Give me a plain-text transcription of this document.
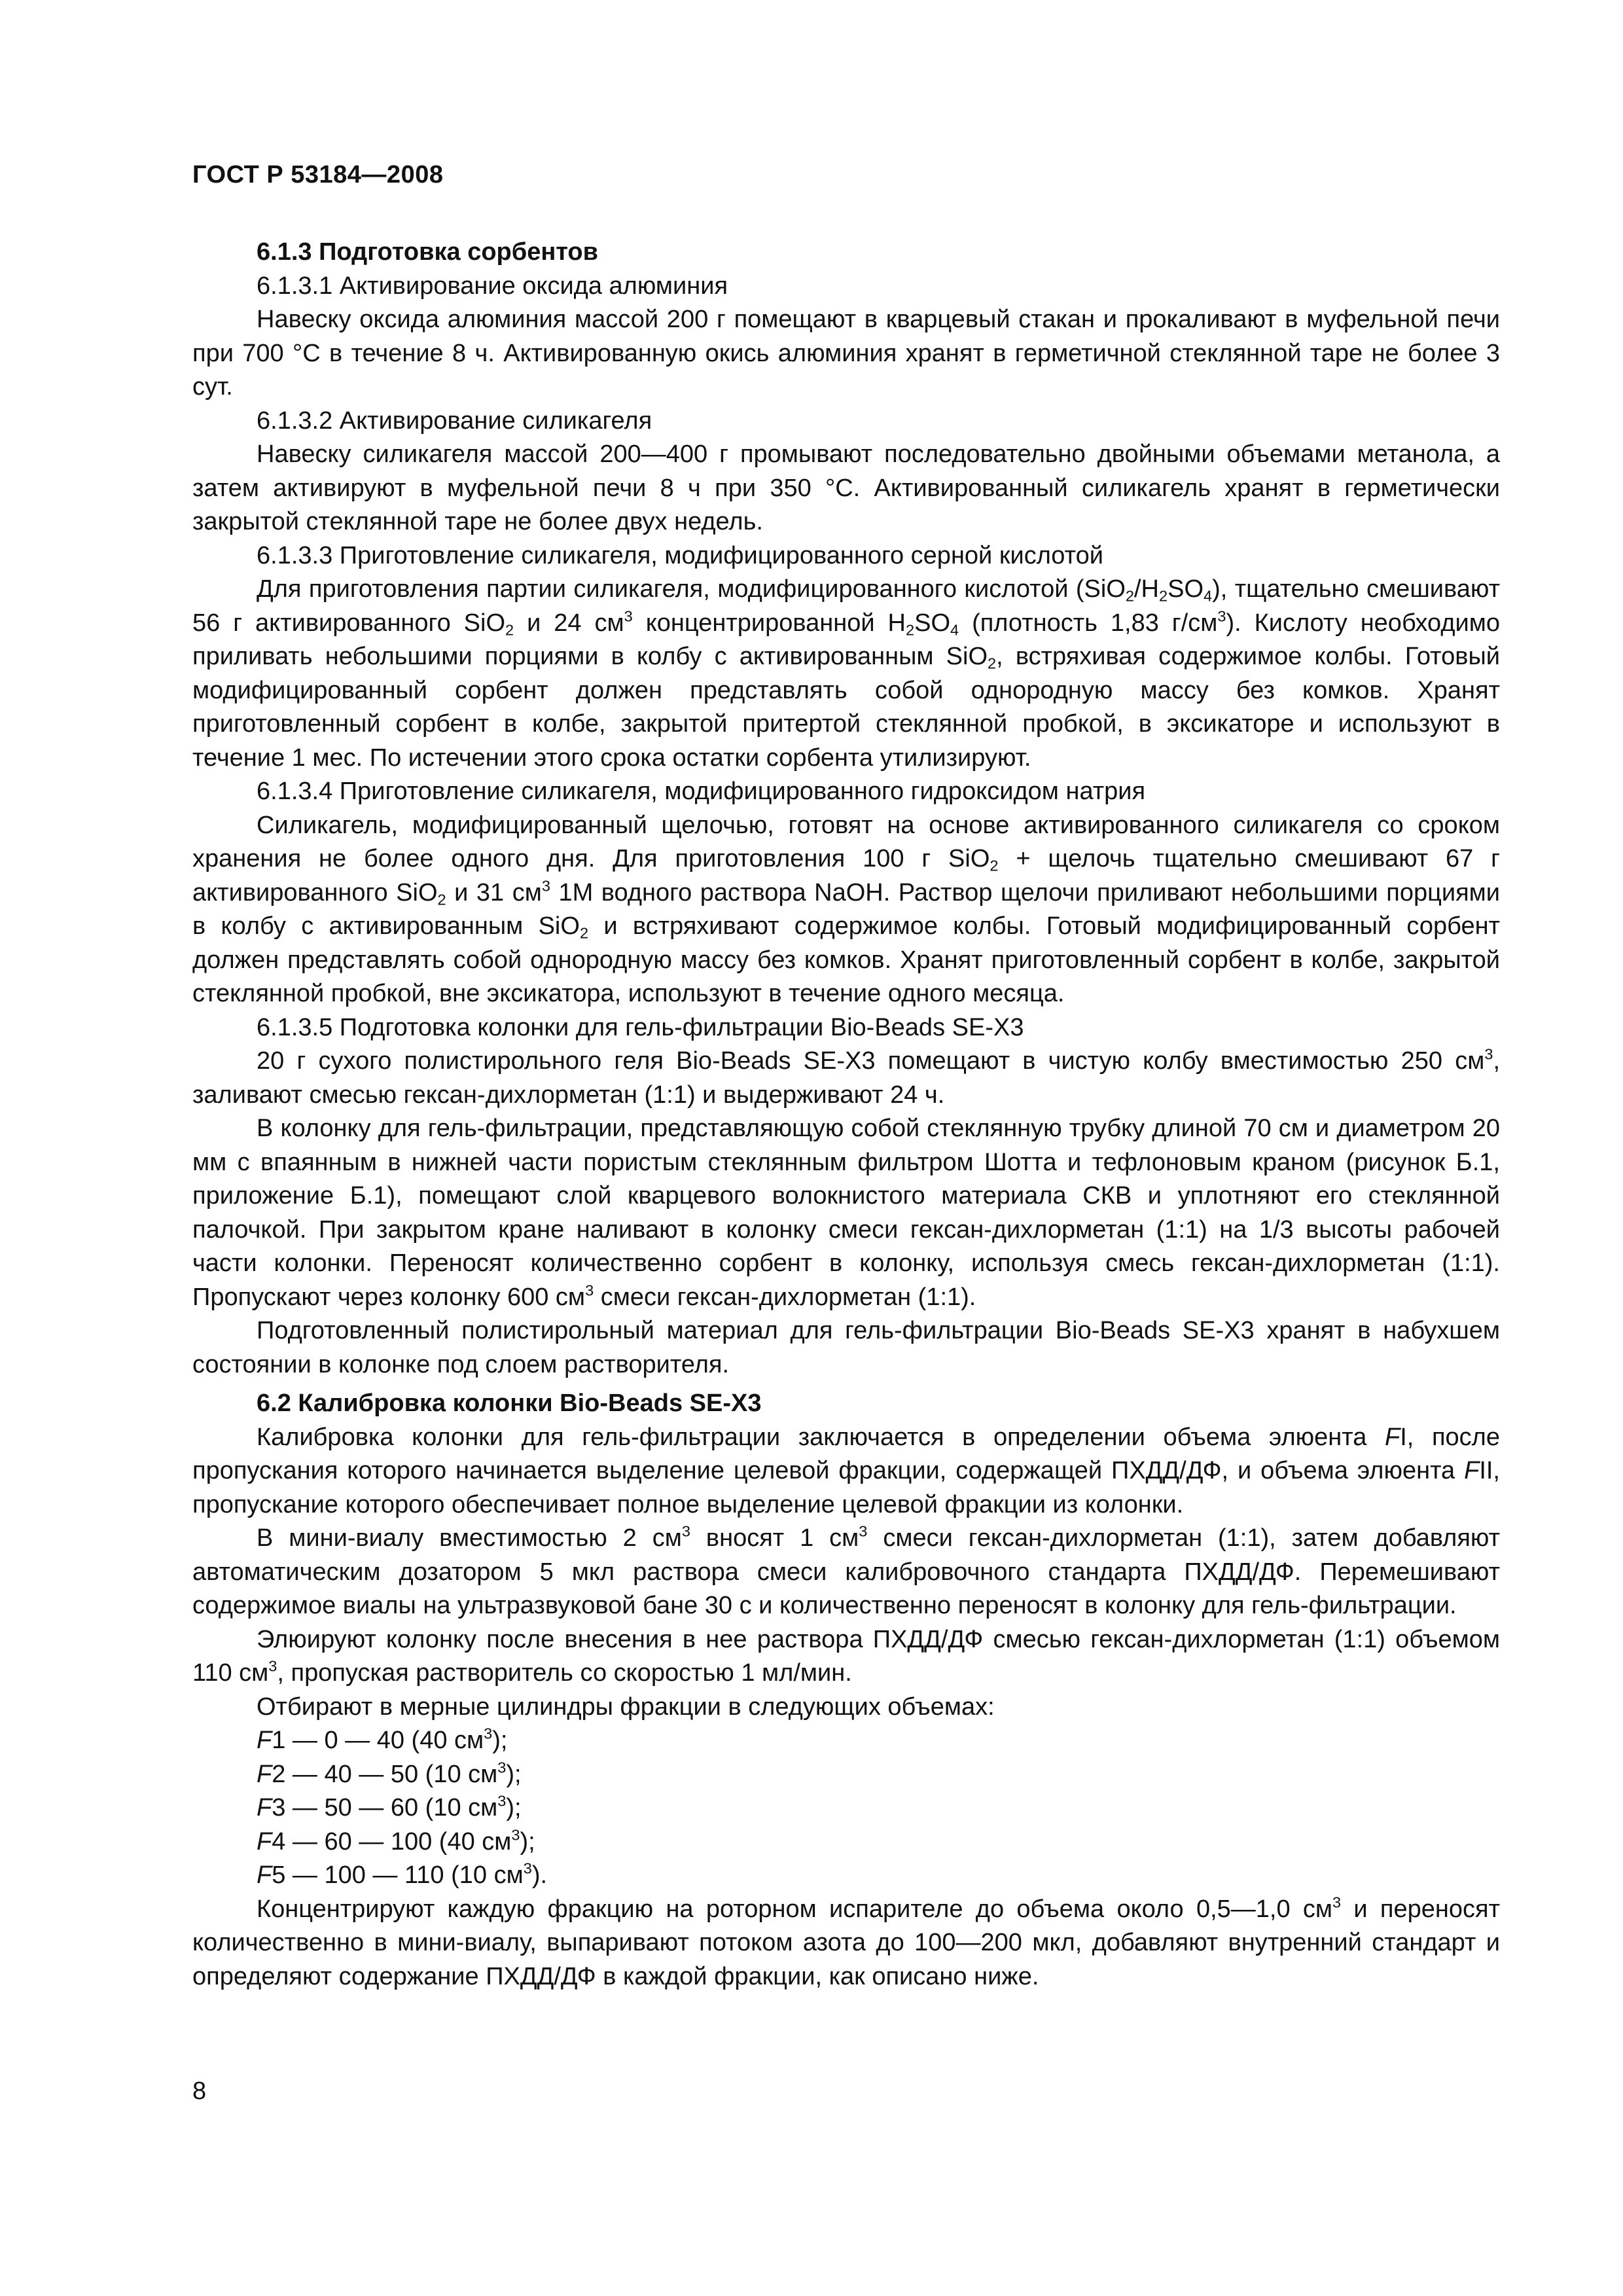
ГОСТ Р 53184—2008

6.1.3 Подготовка сорбентов

6.1.3.1 Активирование оксида алюминия

Навеску оксида алюминия массой 200 г помещают в кварцевый стакан и прокаливают в муфельной печи при 700 °С в течение 8 ч. Активированную окись алюминия хранят в герметичной стеклянной таре не более 3 сут.

6.1.3.2 Активирование силикагеля

Навеску силикагеля массой 200—400 г промывают последовательно двойными объемами метанола, а затем активируют в муфельной печи 8 ч при 350 °С. Активированный силикагель хранят в герметически закрытой стеклянной таре не более двух недель.

6.1.3.3 Приготовление силикагеля, модифицированного серной кислотой

Для приготовления партии силикагеля, модифицированного кислотой $(SiO_2/H_2SO_4)$, тщательно смешивают 56 г активированного SiO$_2$ и 24 $см^3$ концентрированной $H_2SO_4$ (плотность 1,83 $г/см^3$). Кислоту необходимо приливать небольшими порциями в колбу с активированным SiO$_2$, встряхивая содержимое колбы. Готовый модифицированный сорбент должен представлять собой однородную массу без комков. Хранят приготовленный сорбент в колбе, закрытой притертой стеклянной пробкой, в эксикаторе и используют в течение 1 мес. По истечении этого срока остатки сорбента утилизируют.

6.1.3.4 Приготовление силикагеля, модифицированного гидроксидом натрия

Силикагель, модифицированный щелочью, готовят на основе активированного силикагеля со сроком хранения не более одного дня. Для приготовления 100 г SiO$_2$ + щелочь тщательно смешивают 67 г активированного SiO$_2$ и 31 $см^3$ 1М водного раствора NaOH. Раствор щелочи приливают небольшими порциями в колбу с активированным SiO$_2$ и встряхивают содержимое колбы. Готовый модифицированный сорбент должен представлять собой однородную массу без комков. Хранят приготовленный сорбент в колбе, закрытой стеклянной пробкой, вне эксикатора, используют в течение одного месяца.

6.1.3.5 Подготовка колонки для гель-фильтрации Bio-Beads SE-X3

20 г сухого полистирольного геля Bio-Beads SE-X3 помещают в чистую колбу вместимостью 250 $см^3$, заливают смесью гексан-дихлорметан (1:1) и выдерживают 24 ч.

В колонку для гель-фильтрации, представляющую собой стеклянную трубку длиной 70 см и диаметром 20 мм с впаянным в нижней части пористым стеклянным фильтром Шотта и тефлоновым краном (рисунок Б.1, приложение Б.1), помещают слой кварцевого волокнистого материала СКВ и уплотняют его стеклянной палочкой. При закрытом кране наливают в колонку смеси гексан-дихлорметан (1:1) на 1/3 высоты рабочей части колонки. Переносят количественно сорбент в колонку, используя смесь гексан-дихлорметан (1:1). Пропускают через колонку 600 $см^3$ смеси гексан-дихлорметан (1:1).

Подготовленный полистирольный материал для гель-фильтрации Bio-Beads SE-X3 хранят в набухшем состоянии в колонке под слоем растворителя.

6.2 Калибровка колонки Bio-Beads SE-X3

Калибровка колонки для гель-фильтрации заключается в определении объема элюента FI, после пропускания которого начинается выделение целевой фракции, содержащей ПХДД/ДФ, и объема элюента FII, пропускание которого обеспечивает полное выделение целевой фракции из колонки.

В мини-виалу вместимостью 2 $см^3$ вносят 1 $см^3$ смеси гексан-дихлорметан (1:1), затем добавляют автоматическим дозатором 5 мкл раствора смеси калибровочного стандарта ПХДД/ДФ. Перемешивают содержимое виалы на ультразвуковой бане 30 с и количественно переносят в колонку для гель-фильтрации.

Элюируют колонку после внесения в нее раствора ПХДД/ДФ смесью гексан-дихлорметан (1:1) объемом 110 $см^3$, пропуская растворитель со скоростью 1 мл/мин.

Отбирают в мерные цилиндры фракции в следующих объемах:

F1 — 0 — 40 (40 $см^3$);

F2 — 40 — 50 (10 $см^3$);

F3 — 50 — 60 (10 $см^3$);

F4 — 60 — 100 (40 $см^3$);

F5 — 100 — 110 (10 $см^3$).

Концентрируют каждую фракцию на роторном испарителе до объема около 0,5—1,0 $см^3$ и переносят количественно в мини-виалу, выпаривают потоком азота до 100—200 мкл, добавляют внутренний стандарт и определяют содержание ПХДД/ДФ в каждой фракции, как описано ниже.

8
